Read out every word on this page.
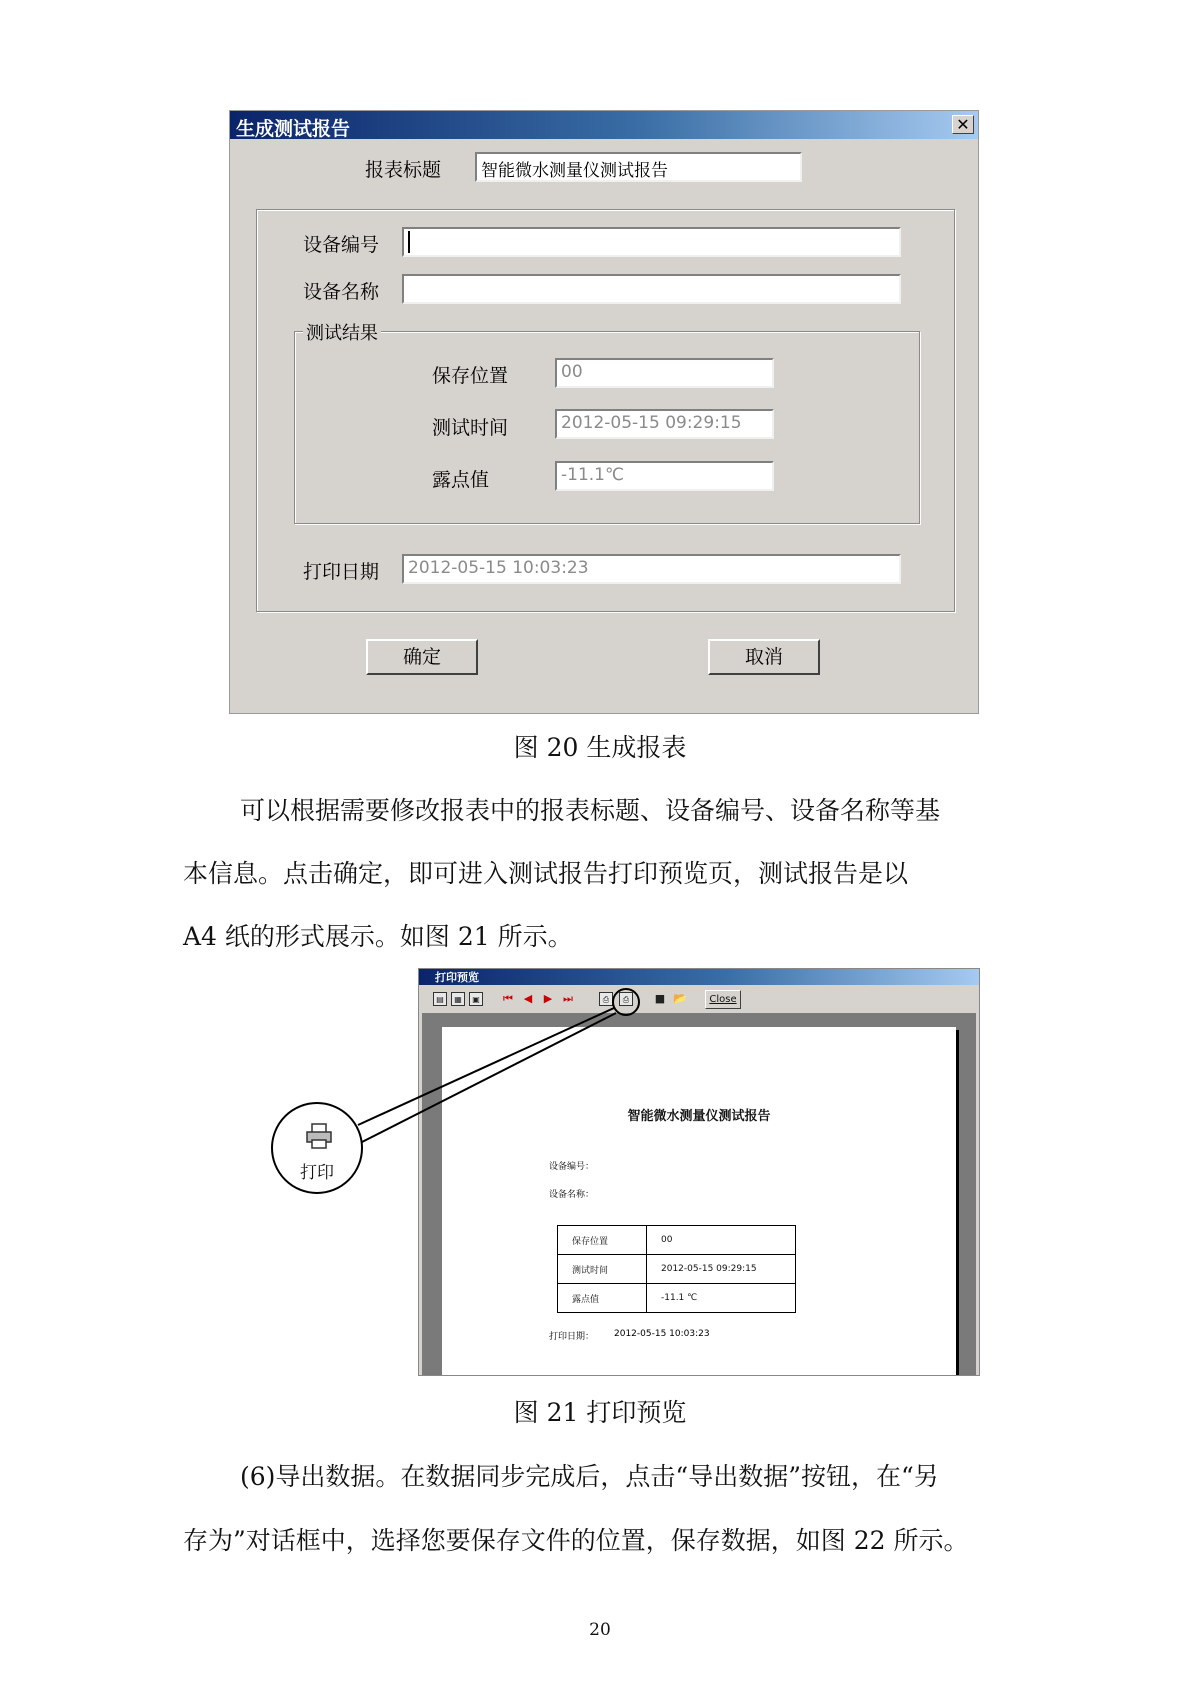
生成测试报告	✕
报表标题	智能微水测量仪测试报告
设备编号
设备名称
测试结果
保存位置	00
测试时间	2012-05-15 09:29:15
露点值	-11.1℃
打印日期	2012-05-15 10:03:23
确定	取消
图 20 生成报表
可以根据需要修改报表中的报表标题、设备编号、设备名称等基
本信息。点击确定，即可进入测试报告打印预览页，测试报告是以
A4 纸的形式展示。如图 21 所示。
打印预览
▤	▦	▣ ⏮ ◀ ▶ ⏭	⎙	⎙	■ 📂	Close
智能微水测量仪测试报告
设备编号：
设备名称：
保存位置	00
测试时间	2012-05-15 09:29:15
露点值	-11.1 ℃
打印日期： 2012-05-15 10:03:23
打印
图 21 打印预览
(6)导出数据。在数据同步完成后，点击“导出数据”按钮，在“另
存为”对话框中，选择您要保存文件的位置，保存数据，如图 22 所示。
20
